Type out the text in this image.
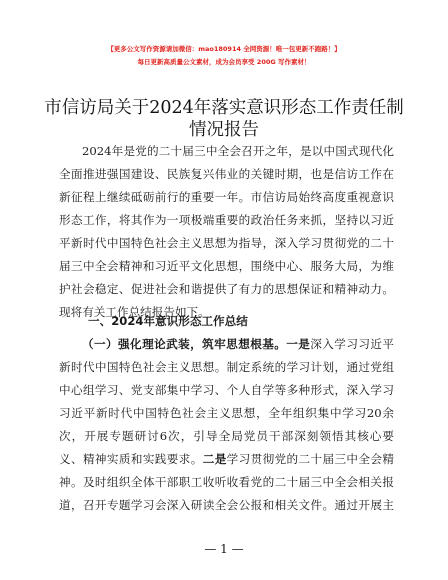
【更多公文写作资源请加微信：mao180914 全网资源！唯一包更新不跑路！】
每日更新高质量公文素材，成为会员享受 200G 写作素材！
市信访局关于2024年落实意识形态工作责任制
情况报告
2024年是党的二十届三中全会召开之年，是以中国式现代化
全面推进强国建设、民族复兴伟业的关键时期，也是信访工作在
新征程上继续砥砺前行的重要一年。市信访局始终高度重视意识
形态工作，将其作为一项极端重要的政治任务来抓，坚持以习近
平新时代中国特色社会主义思想为指导，深入学习贯彻党的二十
届三中全会精神和习近平文化思想，围绕中心、服务大局，为维
护社会稳定、促进社会和谐提供了有力的思想保证和精神动力。
现将有关工作总结报告如下。
一、2024年意识形态工作总结
（一）强化理论武装，筑牢思想根基。一是深入学习习近平
新时代中国特色社会主义思想。制定系统的学习计划，通过党组
中心组学习、党支部集中学习、个人自学等多种形式，深入学习
习近平新时代中国特色社会主义思想，全年组织集中学习20余
次，开展专题研讨6次，引导全局党员干部深刻领悟其核心要
义、精神实质和实践要求。二是学习贯彻党的二十届三中全会精
神。及时组织全体干部职工收听收看党的二十届三中全会相关报
道，召开专题学习会深入研读全会公报和相关文件。通过开展主
— 1 —
